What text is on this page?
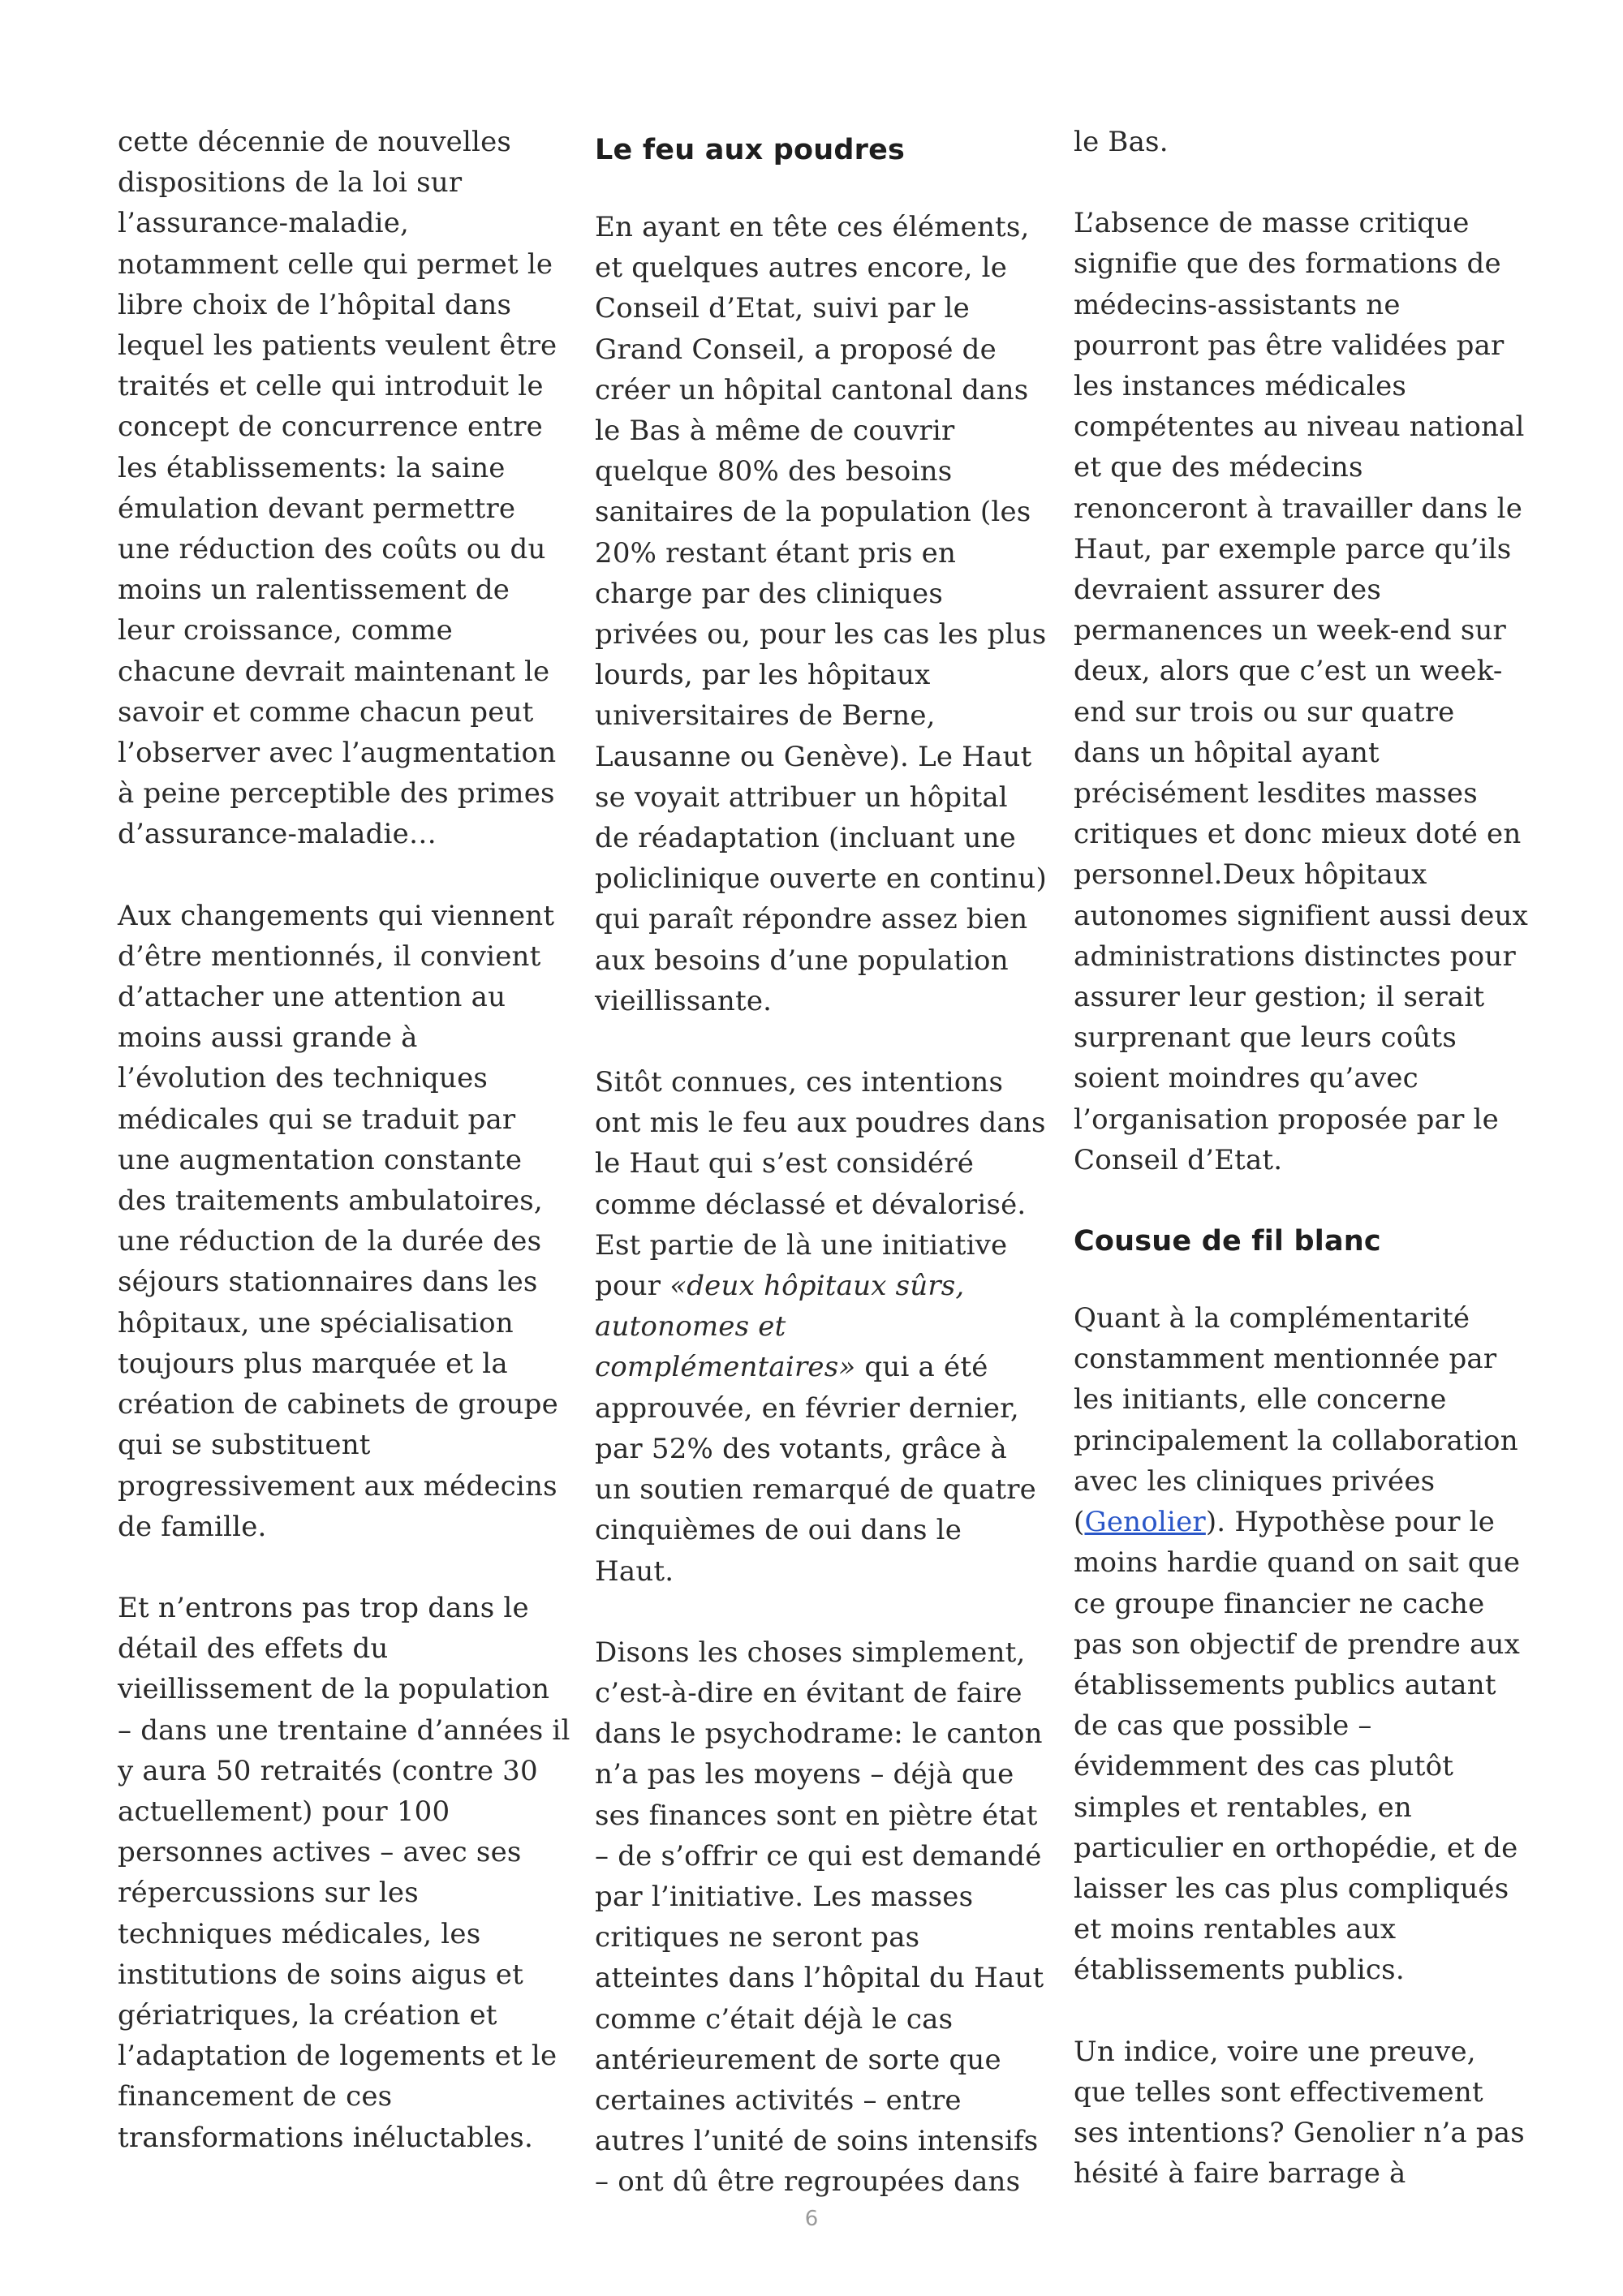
cette décennie de nouvelles dispositions de la loi sur l’assurance-maladie, notamment celle qui permet le libre choix de l’hôpital dans lequel les patients veulent être traités et celle qui introduit le concept de concurrence entre les établissements: la saine émulation devant permettre une réduction des coûts ou du moins un ralentissement de leur croissance, comme chacune devrait maintenant le savoir et comme chacun peut l’observer avec l’augmentation à peine perceptible des primes d’assurance-maladie…

Aux changements qui viennent d’être mentionnés, il convient d’attacher une attention au moins aussi grande à l’évolution des techniques médicales qui se traduit par une augmentation constante des traitements ambulatoires, une réduction de la durée des séjours stationnaires dans les hôpitaux, une spécialisation toujours plus marquée et la création de cabinets de groupe qui se substituent progressivement aux médecins de famille.

Et n’entrons pas trop dans le détail des effets du vieillissement de la population – dans une trentaine d’années il y aura 50 retraités (contre 30 actuellement) pour 100 personnes actives – avec ses répercussions sur les techniques médicales, les institutions de soins aigus et gériatriques, la création et l’adaptation de logements et le financement de ces transformations inéluctables.

Le feu aux poudres

En ayant en tête ces éléments, et quelques autres encore, le Conseil d’Etat, suivi par le Grand Conseil, a proposé de créer un hôpital cantonal dans le Bas à même de couvrir quelque 80% des besoins sanitaires de la population (les 20% restant étant pris en charge par des cliniques privées ou, pour les cas les plus lourds, par les hôpitaux universitaires de Berne, Lausanne ou Genève). Le Haut se voyait attribuer un hôpital de réadaptation (incluant une policlinique ouverte en continu) qui paraît répondre assez bien aux besoins d’une population vieillissante.

Sitôt connues, ces intentions ont mis le feu aux poudres dans le Haut qui s’est considéré comme déclassé et dévalorisé. Est partie de là une initiative pour «deux hôpitaux sûrs, autonomes et complémentaires» qui a été approuvée, en février dernier, par 52% des votants, grâce à un soutien remarqué de quatre cinquièmes de oui dans le Haut.

Disons les choses simplement, c’est-à-dire en évitant de faire dans le psychodrame: le canton n’a pas les moyens – déjà que ses finances sont en piètre état – de s’offrir ce qui est demandé par l’initiative. Les masses critiques ne seront pas atteintes dans l’hôpital du Haut comme c’était déjà le cas antérieurement de sorte que certaines activités – entre autres l’unité de soins intensifs – ont dû être regroupées dans

le Bas.

L’absence de masse critique signifie que des formations de médecins-assistants ne pourront pas être validées par les instances médicales compétentes au niveau national et que des médecins renonceront à travailler dans le Haut, par exemple parce qu’ils devraient assurer des permanences un week-end sur deux, alors que c’est un week-end sur trois ou sur quatre dans un hôpital ayant précisément lesdites masses critiques et donc mieux doté en personnel.Deux hôpitaux autonomes signifient aussi deux administrations distinctes pour assurer leur gestion; il serait surprenant que leurs coûts soient moindres qu’avec l’organisation proposée par le Conseil d’Etat.

Cousue de fil blanc

Quant à la complémentarité constamment mentionnée par les initiants, elle concerne principalement la collaboration avec les cliniques privées (Genolier). Hypothèse pour le moins hardie quand on sait que ce groupe financier ne cache pas son objectif de prendre aux établissements publics autant de cas que possible – évidemment des cas plutôt simples et rentables, en particulier en orthopédie, et de laisser les cas plus compliqués et moins rentables aux établissements publics.

Un indice, voire une preuve, que telles sont effectivement ses intentions? Genolier n’a pas hésité à faire barrage à

6
